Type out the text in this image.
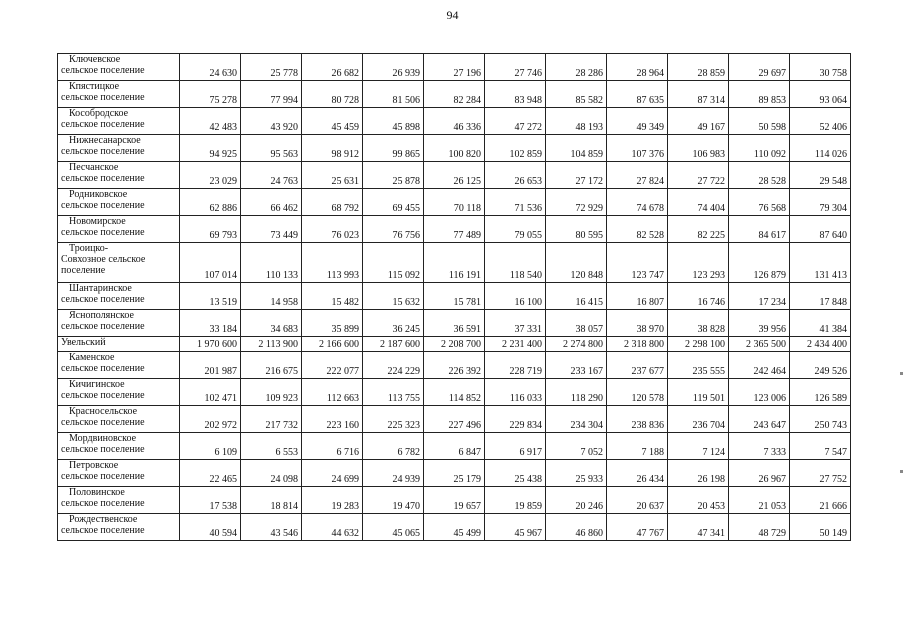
94
Ключевское
сельское поселение	24 630	25 778	26 682	26 939	27 196	27 746	28 286	28 964	28 859	29 697	30 758

Кпястицкое
сельское поселение	75 278	77 994	80 728	81 506	82 284	83 948	85 582	87 635	87 314	89 853	93 064

Кособродское
сельское поселение	42 483	43 920	45 459	45 898	46 336	47 272	48 193	49 349	49 167	50 598	52 406

Нижнесанарское
сельское поселение	94 925	95 563	98 912	99 865	100 820	102 859	104 859	107 376	106 983	110 092	114 026

Песчанское
сельское поселение	23 029	24 763	25 631	25 878	26 125	26 653	27 172	27 824	27 722	28 528	29 548

Родниковское
сельское поселение	62 886	66 462	68 792	69 455	70 118	71 536	72 929	74 678	74 404	76 568	79 304

Новомирское
сельское поселение	69 793	73 449	76 023	76 756	77 489	79 055	80 595	82 528	82 225	84 617	87 640

Троицко-
Совхозное сельское
поселение	107 014	110 133	113 993	115 092	116 191	118 540	120 848	123 747	123 293	126 879	131 413

Шантаринское
сельское поселение	13 519	14 958	15 482	15 632	15 781	16 100	16 415	16 807	16 746	17 234	17 848

Яснополянское
сельское поселение	33 184	34 683	35 899	36 245	36 591	37 331	38 057	38 970	38 828	39 956	41 384

Увельский	1 970 600	2 113 900	2 166 600	2 187 600	2 208 700	2 231 400	2 274 800	2 318 800	2 298 100	2 365 500	2 434 400

Каменское
сельское поселение	201 987	216 675	222 077	224 229	226 392	228 719	233 167	237 677	235 555	242 464	249 526

Кичигинское
сельское поселение	102 471	109 923	112 663	113 755	114 852	116 033	118 290	120 578	119 501	123 006	126 589

Красносельское
сельское поселение	202 972	217 732	223 160	225 323	227 496	229 834	234 304	238 836	236 704	243 647	250 743

Мордвиновское
сельское поселение	6 109	6 553	6 716	6 782	6 847	6 917	7 052	7 188	7 124	7 333	7 547

Петровское
сельское поселение	22 465	24 098	24 699	24 939	25 179	25 438	25 933	26 434	26 198	26 967	27 752

Половинское
сельское поселение	17 538	18 814	19 283	19 470	19 657	19 859	20 246	20 637	20 453	21 053	21 666

Рождественское
сельское поселение	40 594	43 546	44 632	45 065	45 499	45 967	46 860	47 767	47 341	48 729	50 149
